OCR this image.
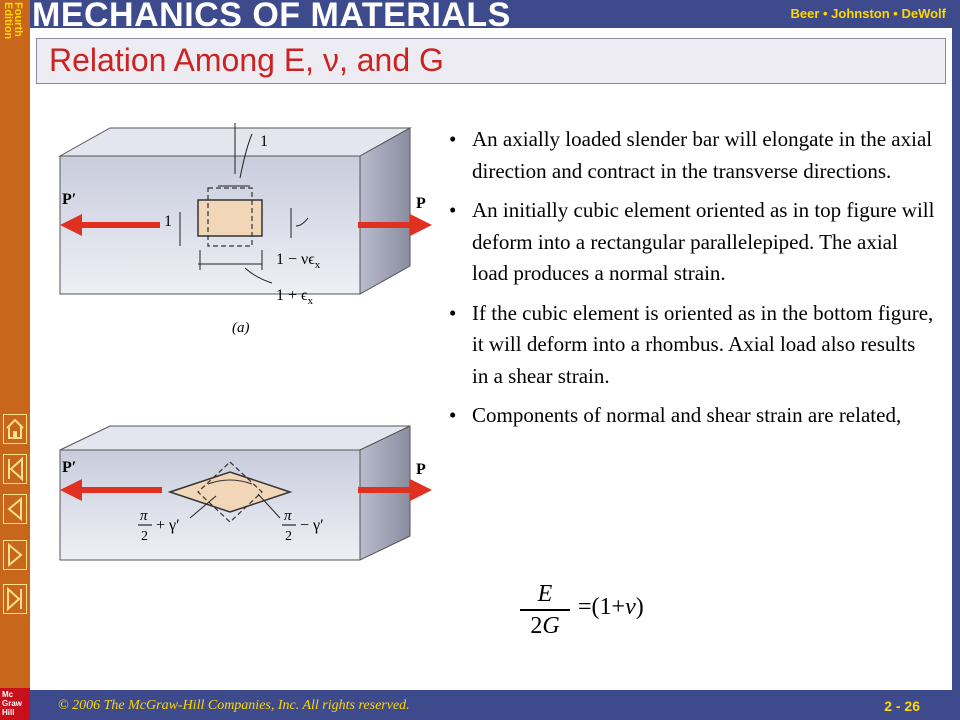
MECHANICS OF MATERIALS	Beer • Johnston • DeWolf
Fourth
Edition
Relation Among E, ν, and G
P′	P
1
1
$1 - \nu\epsilon_x$
$1 + \epsilon_x$
(a)
P′	P
π
2
+ γ′
π
2
− γ′
• An axially loaded slender bar will elongate in the axial direction and contract in the transverse directions.
• An initially cubic element oriented as in top figure will deform into a rectangular parallelepiped. The axial load produces a normal strain.
• If the cubic element is oriented as in the bottom figure, it will deform into a rhombus. Axial load also results in a shear strain.
• Components of normal and shear strain are related,
E
2G
=(1+ν)
Mc
Graw
Hill	© 2006 The McGraw-Hill Companies, Inc. All rights reserved.	2 - 26
